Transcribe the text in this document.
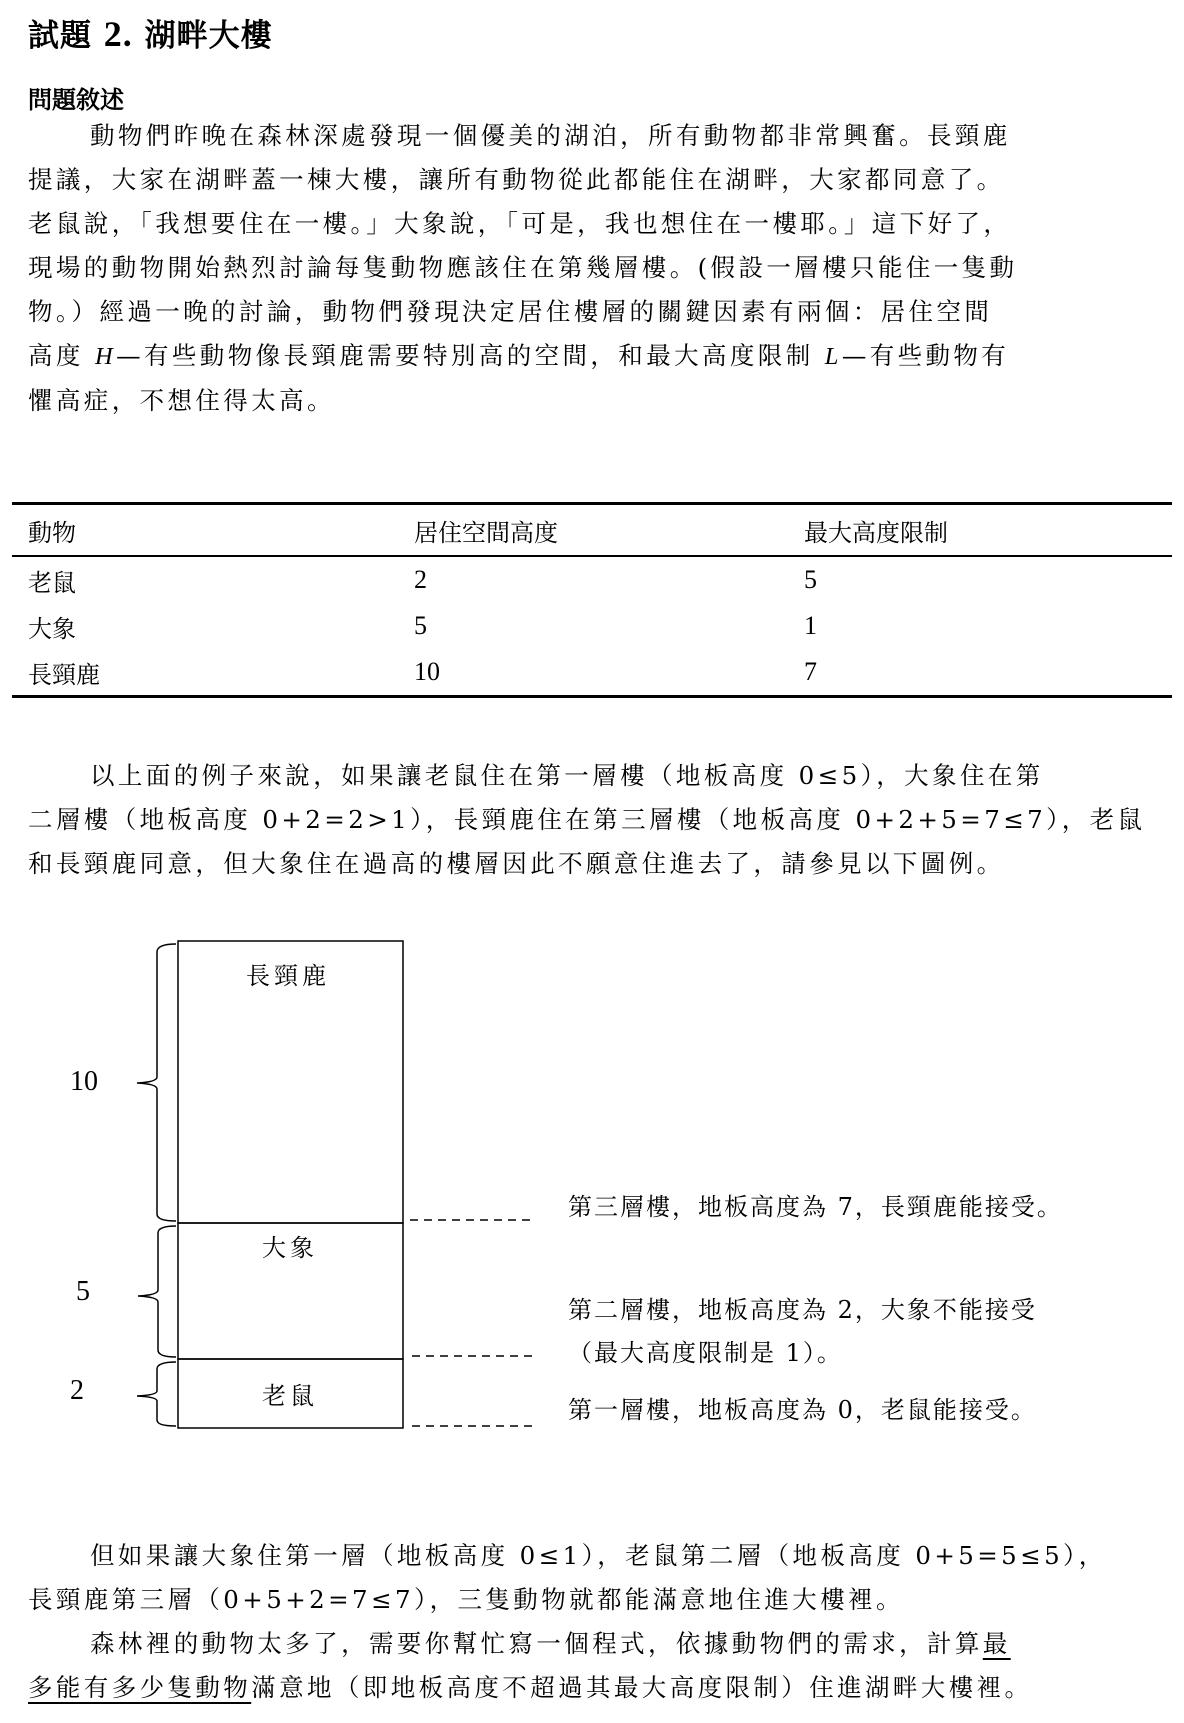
試題 2. 湖畔大樓
問題敘述
動物們昨晚在森林深處發現一個優美的湖泊，所有動物都非常興奮。長頸鹿
提議，大家在湖畔蓋一棟大樓，讓所有動物從此都能住在湖畔，大家都同意了。
老鼠說，「我想要住在一樓。」大象說，「可是，我也想住在一樓耶。」這下好了，
現場的動物開始熱烈討論每隻動物應該住在第幾層樓。(假設一層樓只能住一隻動
物。）經過一晚的討論，動物們發現決定居住樓層的關鍵因素有兩個：居住空間
高度 H—有些動物像長頸鹿需要特別高的空間，和最大高度限制 L—有些動物有
懼高症，不想住得太高。
動物	居住空間高度	最大高度限制
老鼠	2	5
大象	5	1
長頸鹿	10	7
以上面的例子來說，如果讓老鼠住在第一層樓（地板高度 0≤5），大象住在第
二層樓（地板高度 0+2=2>1），長頸鹿住在第三層樓（地板高度 0+2+5=7≤7），老鼠
和長頸鹿同意，但大象住在過高的樓層因此不願意住進去了，請參見以下圖例。
長頸鹿
大象
老鼠
10
5
2
第三層樓，地板高度為 7，長頸鹿能接受。
第二層樓，地板高度為 2，大象不能接受
（最大高度限制是 1）。
第一層樓，地板高度為 0，老鼠能接受。
但如果讓大象住第一層（地板高度 0≤1），老鼠第二層（地板高度 0+5=5≤5），
長頸鹿第三層（0+5+2=7≤7），三隻動物就都能滿意地住進大樓裡。
森林裡的動物太多了，需要你幫忙寫一個程式，依據動物們的需求，計算最
多能有多少隻動物滿意地（即地板高度不超過其最大高度限制）住進湖畔大樓裡。
